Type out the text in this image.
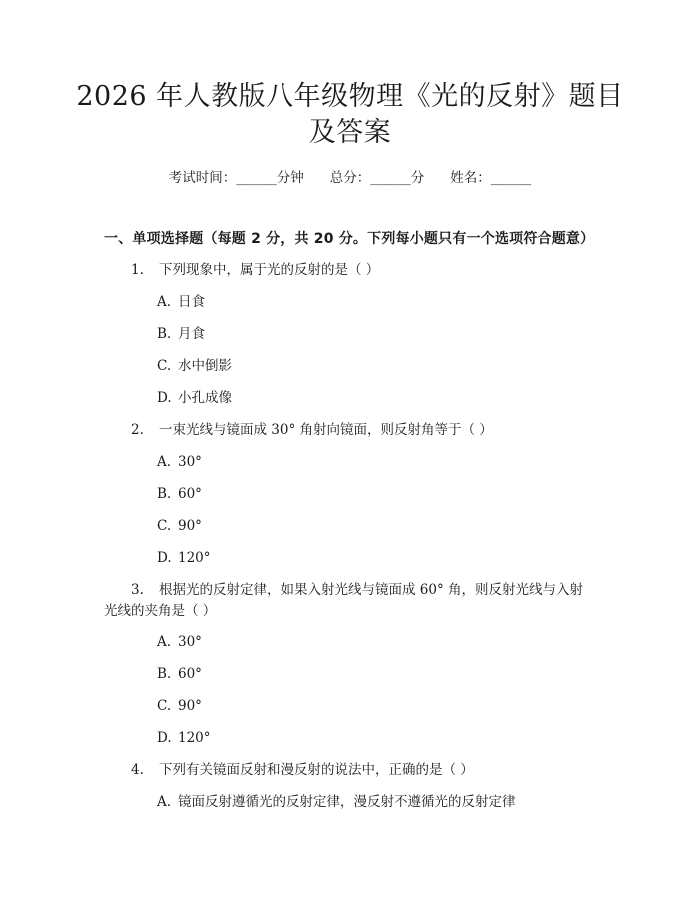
2026 年人教版八年级物理《光的反射》题目
及答案
考试时间：______分钟 总分：______分 姓名：______
一、单项选择题（每题 2 分，共 20 分。下列每小题只有一个选项符合题意）
1. 下列现象中，属于光的反射的是（ ）
A. 日食
B. 月食
C. 水中倒影
D. 小孔成像
2. 一束光线与镜面成 30° 角射向镜面，则反射角等于（ ）
A. 30°
B. 60°
C. 90°
D. 120°
3. 根据光的反射定律，如果入射光线与镜面成 60° 角，则反射光线与入射
光线的夹角是（ ）
A. 30°
B. 60°
C. 90°
D. 120°
4. 下列有关镜面反射和漫反射的说法中，正确的是（ ）
A. 镜面反射遵循光的反射定律，漫反射不遵循光的反射定律
